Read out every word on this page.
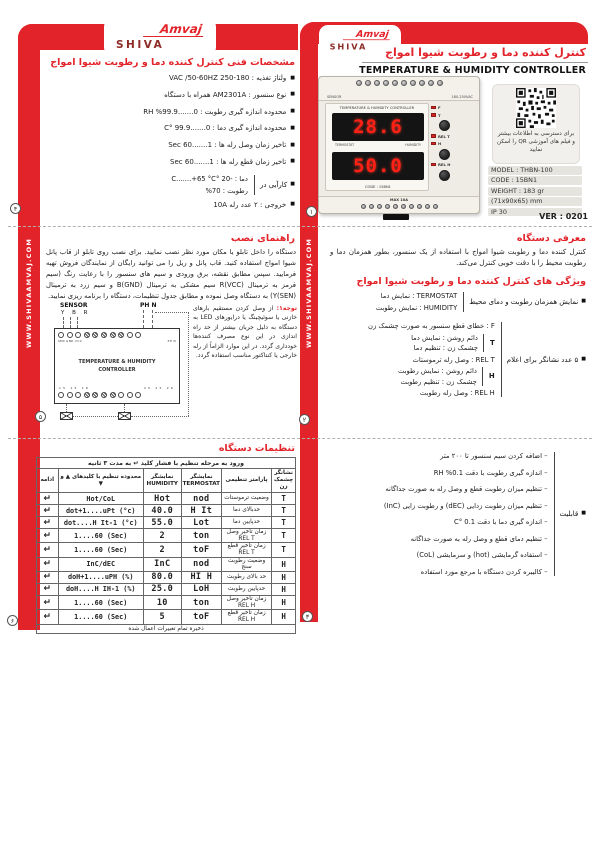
WWW.SHIVAAMVAJ.COM	WWW.SHIVAAMVAJ.COM
Amvaj
SHIVA
Amvaj
SHIVA	کنترل کننده دما و رطوبت شیوا امواج
TEMPERATURE & HUMIDITY CONTROLLER
SENSOR	180-250VAC
TEMPERATURE & HUMIDITY CONTROLLER
28.6
TERMOSTAT	HUMIDITY
50.0
CODE : 15BN1
F
T
REL T
H
REL H
MAX 10A
برای دسترسی به اطلاعات بیشتر و فیلم های آموزشی QR را اسکن نمایید
MODEL : THBN-100
CODE : 15BN1
WEIGHT : 183 gr
(71x90x65) mm
IP 30
VER : 0201
۱
۲
۳
۴
۵
۶
معرفی دستگاه
کنترل کننده دما و رطوبت شیوا امواج با استفاده از یک سنسور، بطور همزمان دما و رطوبت محیط را با دقت خوبی کنترل می‌کند.
ویژگی های کنترل کننده دما و رطوبت شیوا امواج
■
نمایش همزمان رطوبت و دمای محیط
TERMOSTAT : نمایش دما
HUMIDITY : نمایش رطوبت
■
۵ عدد نشانگر برای اعلام
F : خطای قطع سنسور به صورت چشمک زن
T
دائم روشن : نمایش دما
چشمک زن : تنظیم دما
REL T : وصل رله ترموستات
H
دائم روشن : نمایش رطوبت
چشمک زن : تنظیم رطوبت
REL H : وصل رله رطوبت
■
قابلیت
– اضافه کردن سیم سنسور تا ۲۰۰ متر
– اندازه گیری رطوبت با دقت 0.1% RH
– تنظیم میزان رطوبت قطع و وصل رله به صورت جداگانه
– تنظیم میزان رطوبت زدایی (dEC) و رطوبت زایی (InC)
– اندازه گیری دما با دقت 0.1 °C
– تنظیم دمای قطع و وصل رله به صورت جداگانه
– استفاده گرمایشی (hot) و سرمایشی (CoL)
– کالیبره کردن دستگاه با مرجع مورد استفاده
مشخصات فنی کنترل کننده دما و رطوبت شیوا امواج
■
ولتاژ تغذیه : 180-250 VAC /50-60HZ
■
نوع سنسور : AM2301A همراه با دستگاه
■
محدوده اندازه گیری رطوبت : 0.......99.9% RH
■
محدوده اندازه گیری دما : 0.......99.9 °C
■
تاخیر زمان وصل رله ها : 1.......60 Sec
■
تاخیر زمان قطع رله ها : 1.......60 Sec
■
کارآیی در
دما : -20 °C.......+65 °C
رطوبت : 70%
■
خروجی : ۲ عدد رله 10A
راهنمای نصب
دستگاه را داخل تابلو یا مکان مورد نظر نصب نمایید. برای نصب روی تابلو از قاب پانل شیوا امواج استفاده کنید. قاب پانل و ریل را می توانید رایگان از نمایندگان فروش تهیه فرمایید. سپس مطابق نقشه، برق ورودی و سیم های سنسور را با رعایت رنگ (سیم قرمز به ترمینال R(VCC) سیم مشکی به ترمینال B(GND) و سیم زرد به ترمینال Y(SEN)) به دستگاه وصل نموده و مطابق جدول تنظیمات، دستگاه را برنامه ریزی نمایید.
توجه۱: از وصل کردن مستقیم بارهای خازنی یا سوئیچینگ یا درایورهای LED به دستگاه به دلیل جریان بیشتر از حد راه اندازی در این نوع مصرف کننده‌ها خودداری گردد. در این موارد الزاماً از رله خارجی یا کنتاکتور مناسب استفاده گردد.
SENSOR
Y B R
PH N
SEN GND VCC	PH N
TEMPERATURE & HUMIDITY
CONTROLLER
15 15 16	25 25 26
تنظیمات دستگاه
ورود به مرحله تنظیم با فشار کلید ↵ به مدت ۳ ثانیه					
نشانگر چشمک زن	پارامتر تنظیمی	نمایشگر TERMOSTAT	نمایشگر HUMIDITY	محدوده تنظیم با کلیدهای ▲ و ▼	ادامه
T	وضعیت ترموستات	nod	Hot	Hot/CoL	↵
T	حدبالای دما	H It	40.0	dot+1....uPt (°c)	↵
T	حدپایین دما	Lot	55.0	dot....H It-1 (°c)	↵
T	زمان تاخیر وصل REL T	ton	2	1....60 (Sec)	↵
T	زمان تاخیر قطع REL T	toF	2	1....60 (Sec)	↵
H	وضعیت رطوبت سنج	nod	InC	InC/dEC	↵
H	حد بالای رطوبت	HI H	80.0	doH+1....uPH (%)	↵
H	حدپایین رطوبت	LoH	25.0	doH....H IH-1 (%)	↵
H	زمان تاخیر وصل REL H	ton	10	1....60 (Sec)	↵
H	زمان تاخیر قطع REL H	toF	5	1....60 (Sec)	↵
ذخیره تمام تغییرات اعمال شده					
